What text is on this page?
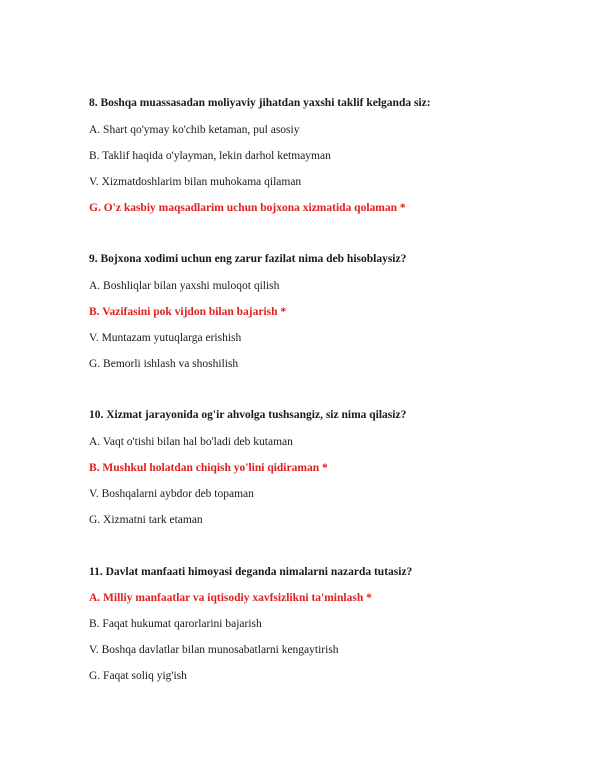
8. Boshqa muassasadan moliyaviy jihatdan yaxshi taklif kelganda siz:

A. Shart qo'ymay ko'chib ketaman, pul asosiy

B. Taklif haqida o'ylayman, lekin darhol ketmayman

V. Xizmatdoshlarim bilan muhokama qilaman

G. O'z kasbiy maqsadlarim uchun bojxona xizmatida qolaman *

9. Bojxona xodimi uchun eng zarur fazilat nima deb hisoblaysiz?

A. Boshliqlar bilan yaxshi muloqot qilish

B. Vazifasini pok vijdon bilan bajarish *

V. Muntazam yutuqlarga erishish

G. Bemorli ishlash va shoshilish

10. Xizmat jarayonida og'ir ahvolga tushsangiz, siz nima qilasiz?

A. Vaqt o'tishi bilan hal bo'ladi deb kutaman

B. Mushkul holatdan chiqish yo'lini qidiraman *

V. Boshqalarni aybdor deb topaman

G. Xizmatni tark etaman

11. Davlat manfaati himoyasi deganda nimalarni nazarda tutasiz?

A. Milliy manfaatlar va iqtisodiy xavfsizlikni ta'minlash *

B. Faqat hukumat qarorlarini bajarish

V. Boshqa davlatlar bilan munosabatlarni kengaytirish

G. Faqat soliq yig'ish
